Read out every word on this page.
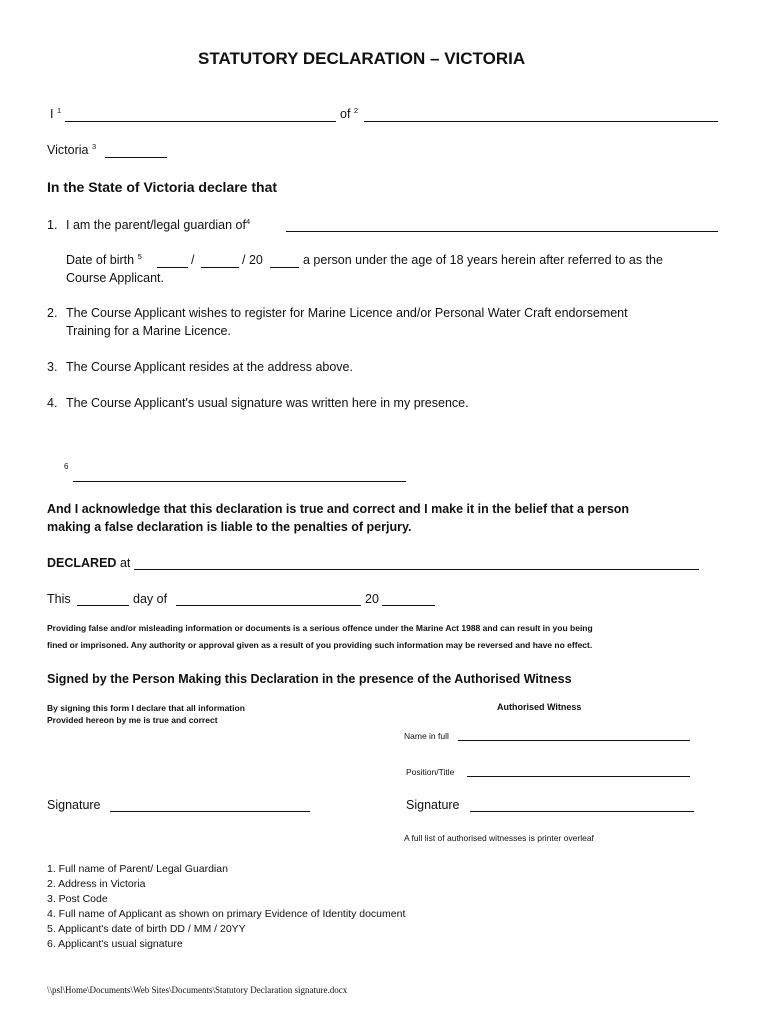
STATUTORY DECLARATION – VICTORIA
I $^1$	of $^2$
Victoria $^3$
In the State of Victoria declare that
1. I am the parent/legal guardian $of^4$
Date of birth $^5$	/	/ 20	a person under the age of 18 years herein after referred to as the
Course Applicant.
2. The Course Applicant wishes to register for Marine Licence and/or Personal Water Craft endorsement
Training for a Marine Licence.
3. The Course Applicant resides at the address above.
4. The Course Applicant's usual signature was written here in my presence.
6
And I acknowledge that this declaration is true and correct and I make it in the belief that a person
making a false declaration is liable to the penalties of perjury.
DECLARED at
This	day of	20
Providing false and/or misleading information or documents is a serious offence under the Marine Act 1988 and can result in you being
fined or imprisoned. Any authority or approval given as a result of you providing such information may be reversed and have no effect.
Signed by the Person Making this Declaration in the presence of the Authorised Witness
By signing this form I declare that all information
Provided hereon by me is true and correct
Authorised Witness
Name in full
Position/Title
Signature	Signature
A full list of authorised witnesses is printer overleaf
1. Full name of Parent/ Legal Guardian
2. Address in Victoria
3. Post Code
4. Full name of Applicant as shown on primary Evidence of Identity document
5. Applicant's date of birth DD / MM / 20YY
6. Applicant's usual signature
\\psl\Home\Documents\Web Sites\Documents\Statutory Declaration signature.docx
